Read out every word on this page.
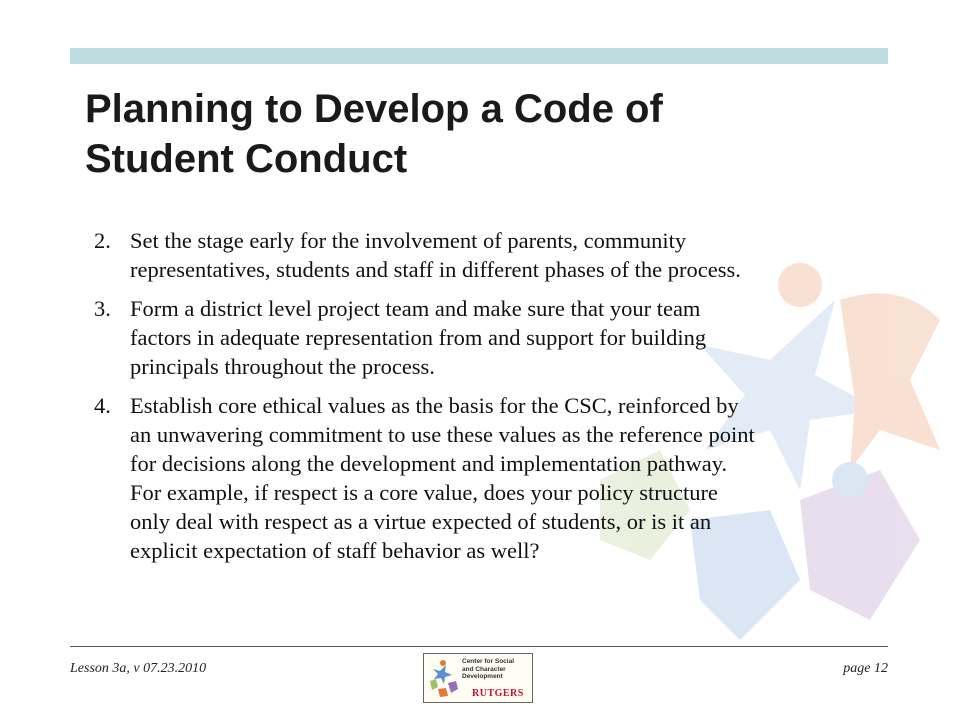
Planning to Develop a Code of
Student Conduct
2. Set the stage early for the involvement of parents, community
representatives, students and staff in different phases of the process.
3. Form a district level project team and make sure that your team
factors in adequate representation from and support for building
principals throughout the process.
4. Establish core ethical values as the basis for the CSC, reinforced by
an unwavering commitment to use these values as the reference point
for decisions along the development and implementation pathway.
For example, if respect is a core value, does your policy structure
only deal with respect as a virtue expected of students, or is it an
explicit expectation of staff behavior as well?
Lesson 3a, v 07.23.2010	page 12
Center for Social
and Character
Development
RUTGERS
